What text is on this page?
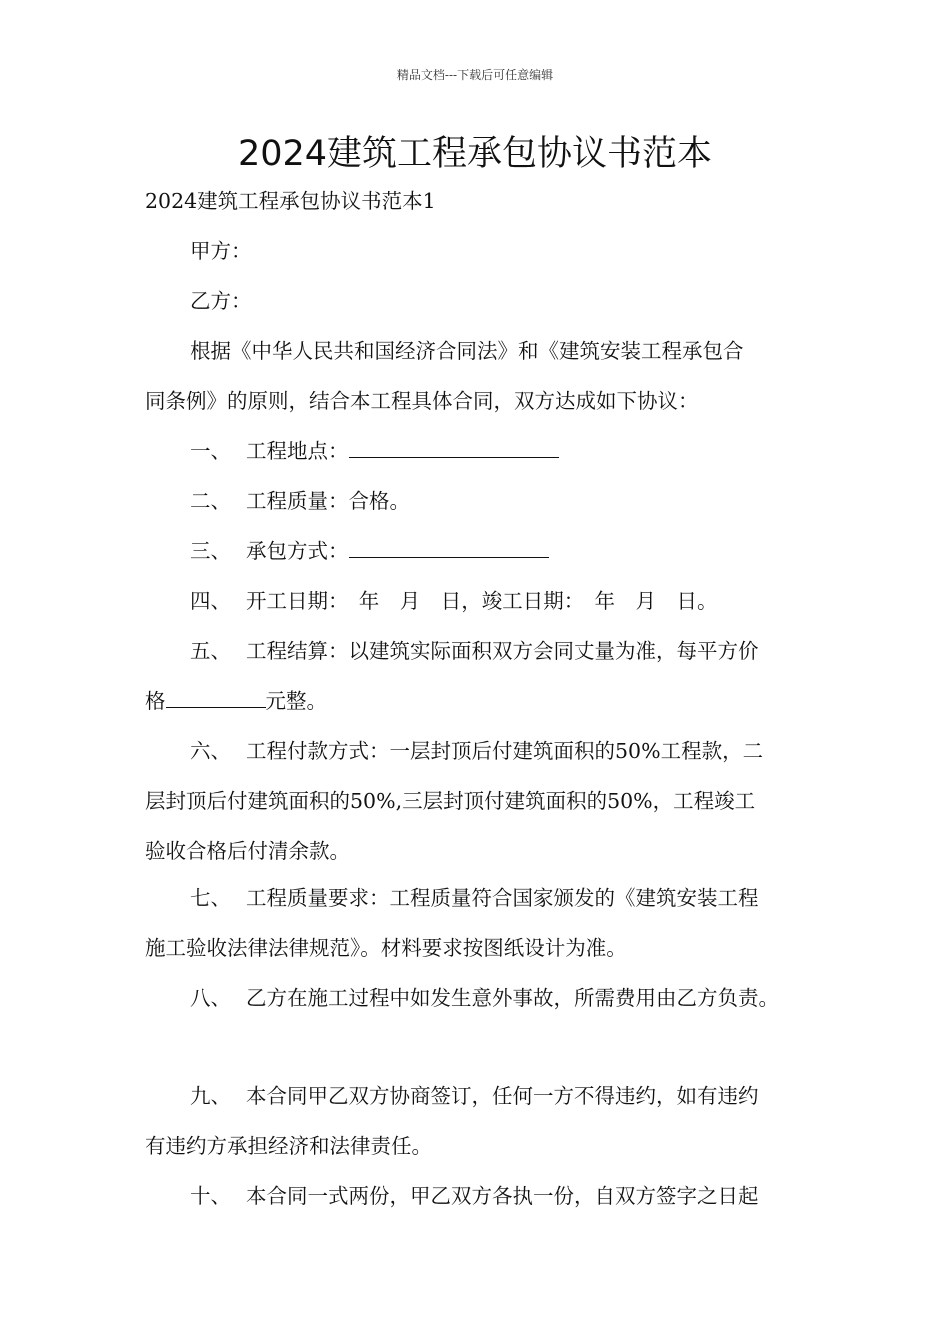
精品文档---下载后可任意编辑
2024建筑工程承包协议书范本
2024建筑工程承包协议书范本1
甲方：
乙方：
根据《中华人民共和国经济合同法》和《建筑安装工程承包合
同条例》的原则，结合本工程具体合同，双方达成如下协议：
一、 工程地点：
二、 工程质量：合格。
三、 承包方式：
四、 开工日期：　年　月　日，竣工日期：　年　月　日。
五、 工程结算：以建筑实际面积双方会同丈量为准，每平方价
格	元整。
六、 工程付款方式：一层封顶后付建筑面积的50%工程款，二
层封顶后付建筑面积的50%,三层封顶付建筑面积的50%，工程竣工
验收合格后付清余款。
七、 工程质量要求：工程质量符合国家颁发的《建筑安装工程
施工验收法律法律规范》。材料要求按图纸设计为准。
八、 乙方在施工过程中如发生意外事故，所需费用由乙方负责。
九、 本合同甲乙双方协商签订，任何一方不得违约，如有违约
有违约方承担经济和法律责任。
十、 本合同一式两份，甲乙双方各执一份，自双方签字之日起
